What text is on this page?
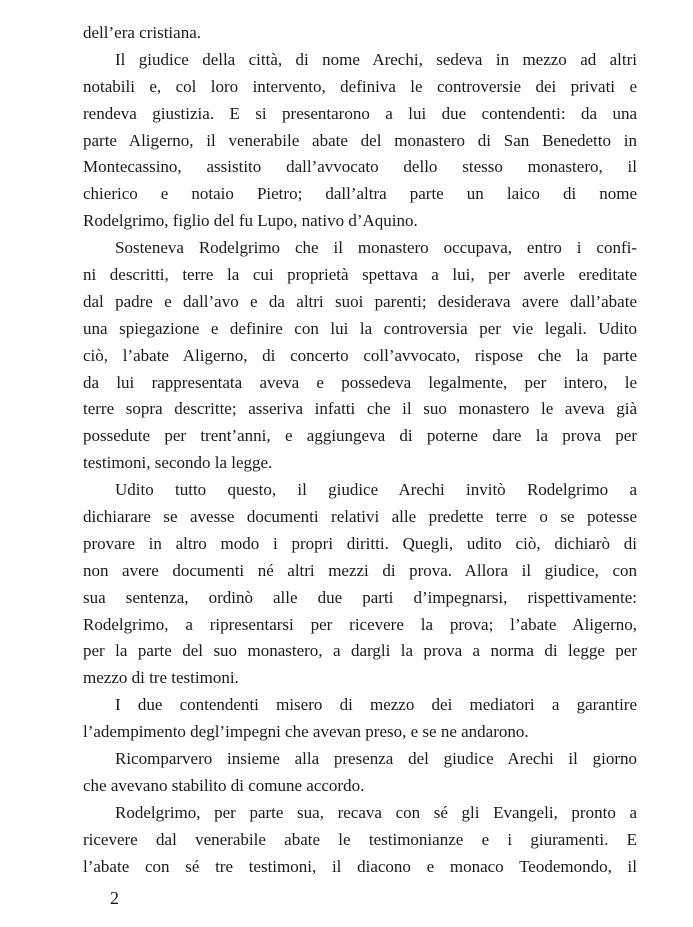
dell’era cristiana.
Il giudice della città, di nome Arechi, sedeva in mezzo ad altri
notabili e, col loro intervento, definiva le controversie dei privati e
rendeva giustizia. E si presentarono a lui due contendenti: da una
parte Aligerno, il venerabile abate del monastero di San Benedetto in
Montecassino, assistito dall’avvocato dello stesso monastero, il
chierico e notaio Pietro; dall’altra parte un laico di nome
Rodelgrimo, figlio del fu Lupo, nativo d’Aquino.
Sosteneva Rodelgrimo che il monastero occupava, entro i confi-
ni descritti, terre la cui proprietà spettava a lui, per averle ereditate
dal padre e dall’avo e da altri suoi parenti; desiderava avere dall’abate
una spiegazione e definire con lui la controversia per vie legali. Udito
ciò, l’abate Aligerno, di concerto coll’avvocato, rispose che la parte
da lui rappresentata aveva e possedeva legalmente, per intero, le
terre sopra descritte; asseriva infatti che il suo monastero le aveva già
possedute per trent’anni, e aggiungeva di poterne dare la prova per
testimoni, secondo la legge.
Udito tutto questo, il giudice Arechi invitò Rodelgrimo a
dichiarare se avesse documenti relativi alle predette terre o se potesse
provare in altro modo i propri diritti. Quegli, udito ciò, dichiarò di
non avere documenti né altri mezzi di prova. Allora il giudice, con
sua sentenza, ordinò alle due parti d’impegnarsi, rispettivamente:
Rodelgrimo, a ripresentarsi per ricevere la prova; l’abate Aligerno,
per la parte del suo monastero, a dargli la prova a norma di legge per
mezzo di tre testimoni.
I due contendenti misero di mezzo dei mediatori a garantire
l’adempimento degl’impegni che avevan preso, e se ne andarono.
Ricomparvero insieme alla presenza del giudice Arechi il giorno
che avevano stabilito di comune accordo.
Rodelgrimo, per parte sua, recava con sé gli Evangeli, pronto a
ricevere dal venerabile abate le testimonianze e i giuramenti. E
l’abate con sé tre testimoni, il diacono e monaco Teodemondo, il
2
